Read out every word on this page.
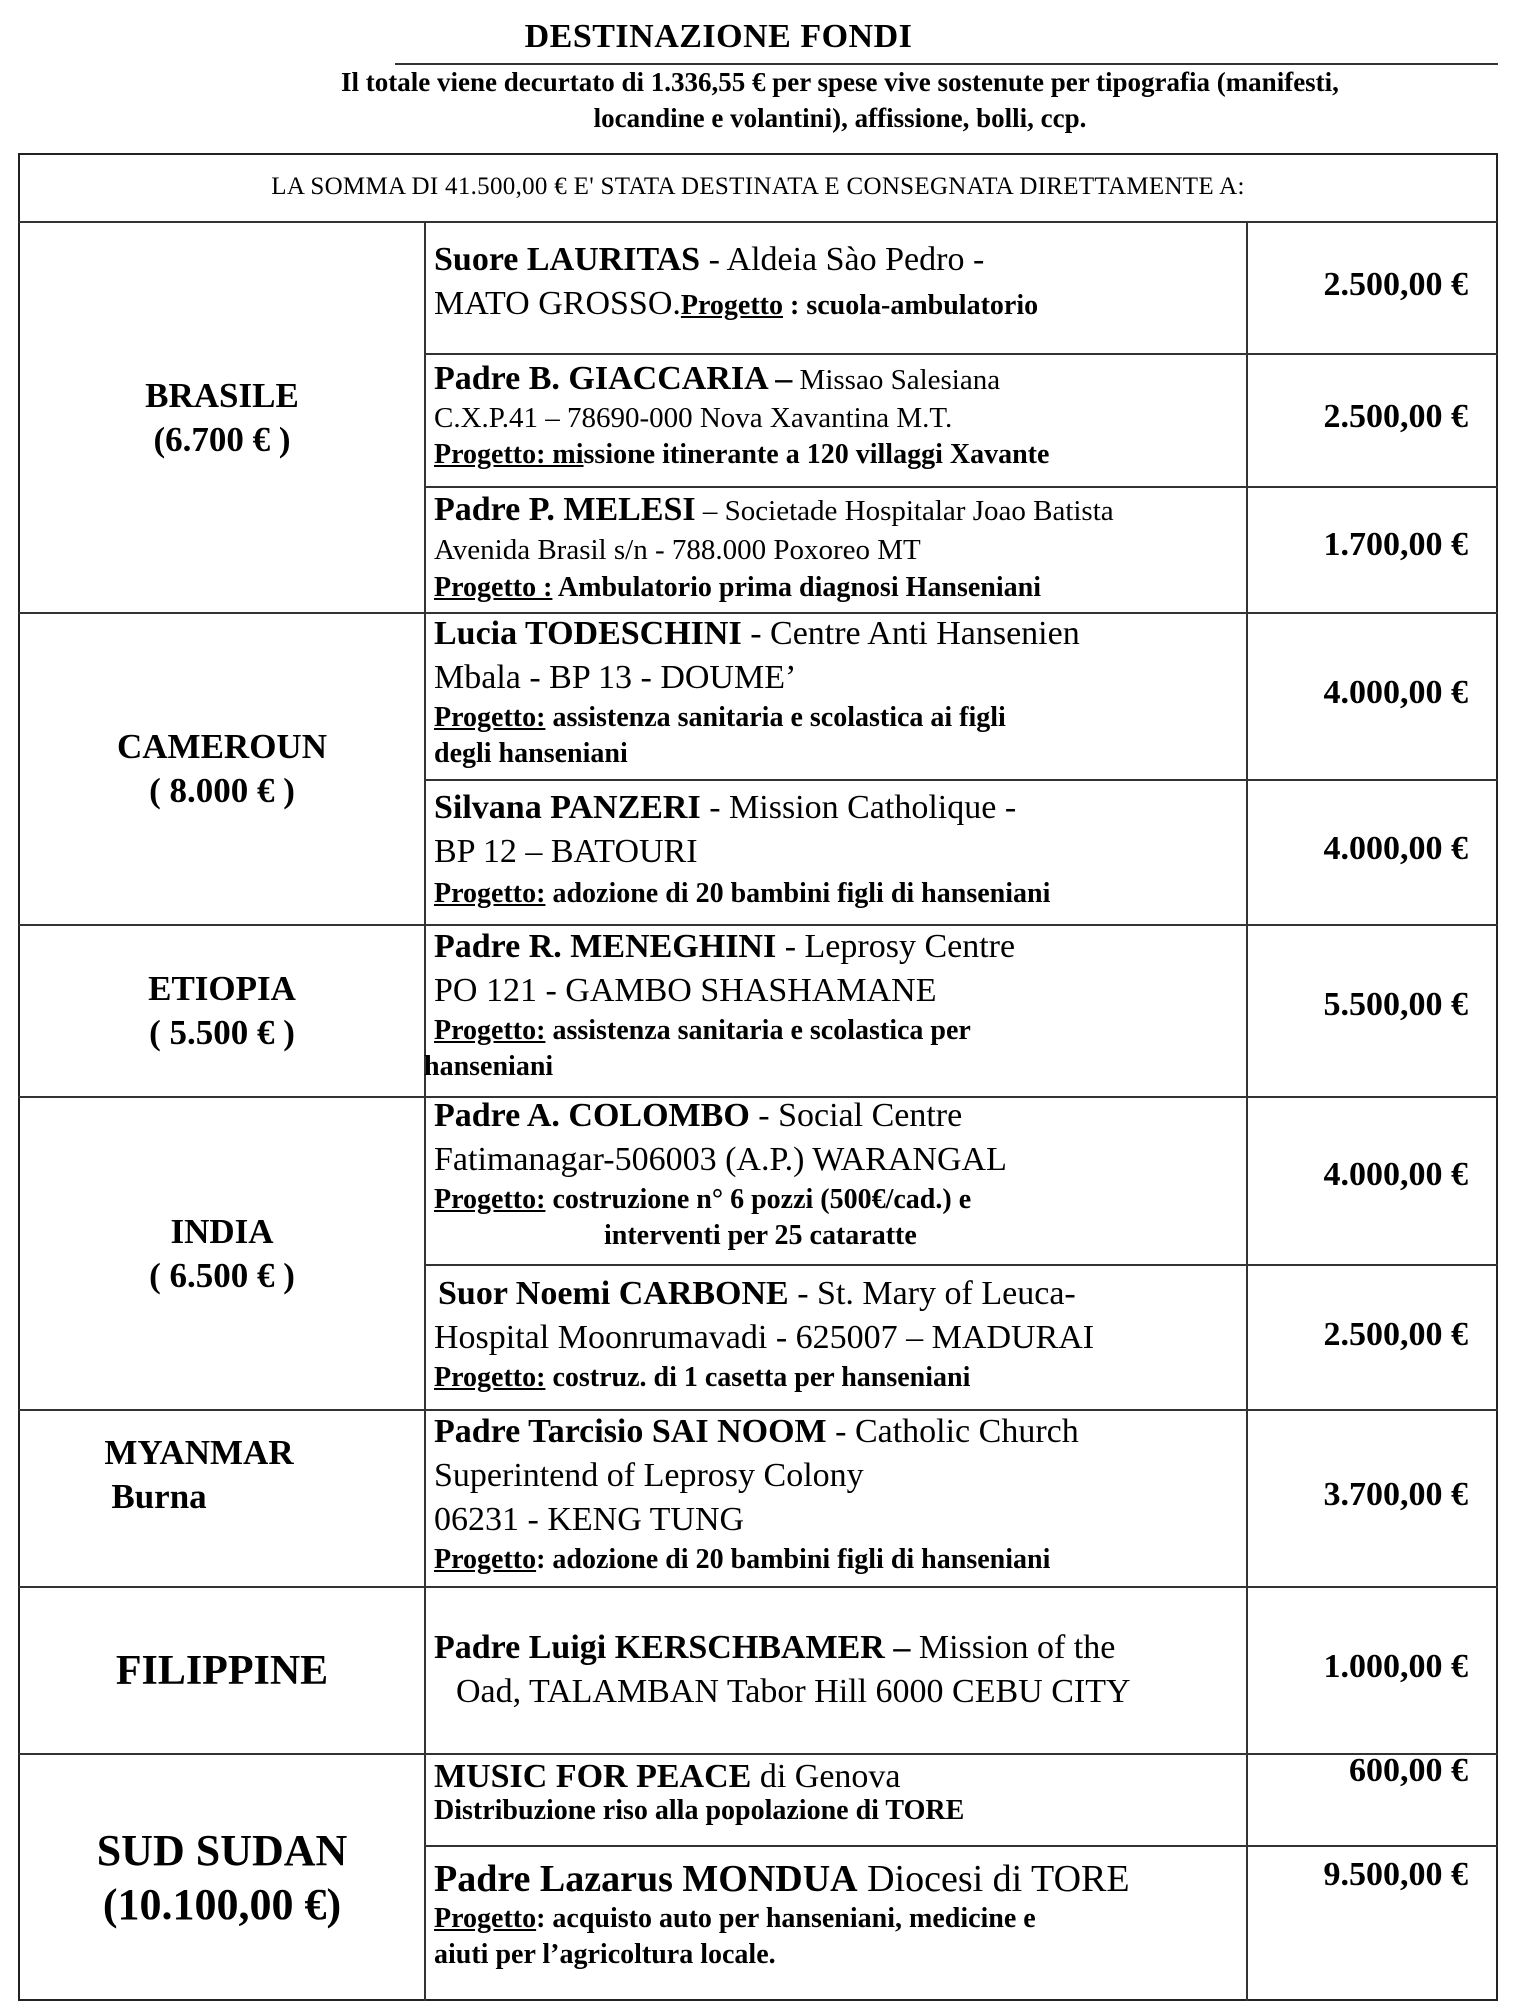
DESTINAZIONE FONDI
Il totale viene decurtato di 1.336,55 € per spese vive sostenute per tipografia (manifesti,
locandine e volantini), affissione, bolli, ccp.
LA SOMMA DI 41.500,00 € E' STATA DESTINATA E CONSEGNATA DIRETTAMENTE A:
BRASILE
(6.700 € )
CAMEROUN
( 8.000 € )
ETIOPIA
( 5.500 € )
INDIA
( 6.500 € )
MYANMAR
Burna
FILIPPINE
SUD SUDAN
(10.100,00 €)
Suore LAURITAS - Aldeia Sào Pedro -
MATO GROSSO.Progetto : scuola-ambulatorio
2.500,00 €
Padre B. GIACCARIA – Missao Salesiana
C.X.P.41 – 78690-000 Nova Xavantina M.T.
Progetto: missione itinerante a 120 villaggi Xavante
2.500,00 €
Padre P. MELESI – Societade Hospitalar Joao Batista
Avenida Brasil s/n - 788.000 Poxoreo MT
Progetto : Ambulatorio prima diagnosi Hanseniani
1.700,00 €
Lucia TODESCHINI - Centre Anti Hansenien
Mbala - BP 13 - DOUME’
Progetto: assistenza sanitaria e scolastica ai figli
degli hanseniani
4.000,00 €
Silvana PANZERI - Mission Catholique -
BP 12 – BATOURI
Progetto: adozione di 20 bambini figli di hanseniani
4.000,00 €
Padre R. MENEGHINI - Leprosy Centre
PO 121 - GAMBO SHASHAMANE
Progetto: assistenza sanitaria e scolastica per
hanseniani
5.500,00 €
Padre A. COLOMBO - Social Centre
Fatimanagar-506003 (A.P.) WARANGAL
Progetto: costruzione n° 6 pozzi (500€/cad.) e
interventi per 25 cataratte
4.000,00 €
Suor Noemi CARBONE - St. Mary of Leuca-
Hospital Moonrumavadi - 625007 – MADURAI
Progetto: costruz. di 1 casetta per hanseniani
2.500,00 €
Padre Tarcisio SAI NOOM - Catholic Church
Superintend of Leprosy Colony
06231 - KENG TUNG
Progetto: adozione di 20 bambini figli di hanseniani
3.700,00 €
Padre Luigi KERSCHBAMER – Mission of the
Oad, TALAMBAN Tabor Hill 6000 CEBU CITY
1.000,00 €
MUSIC FOR PEACE di Genova
Distribuzione riso alla popolazione di TORE
600,00 €
Padre Lazarus MONDUA Diocesi di TORE
Progetto: acquisto auto per hanseniani, medicine e
aiuti per l’agricoltura locale.
9.500,00 €
